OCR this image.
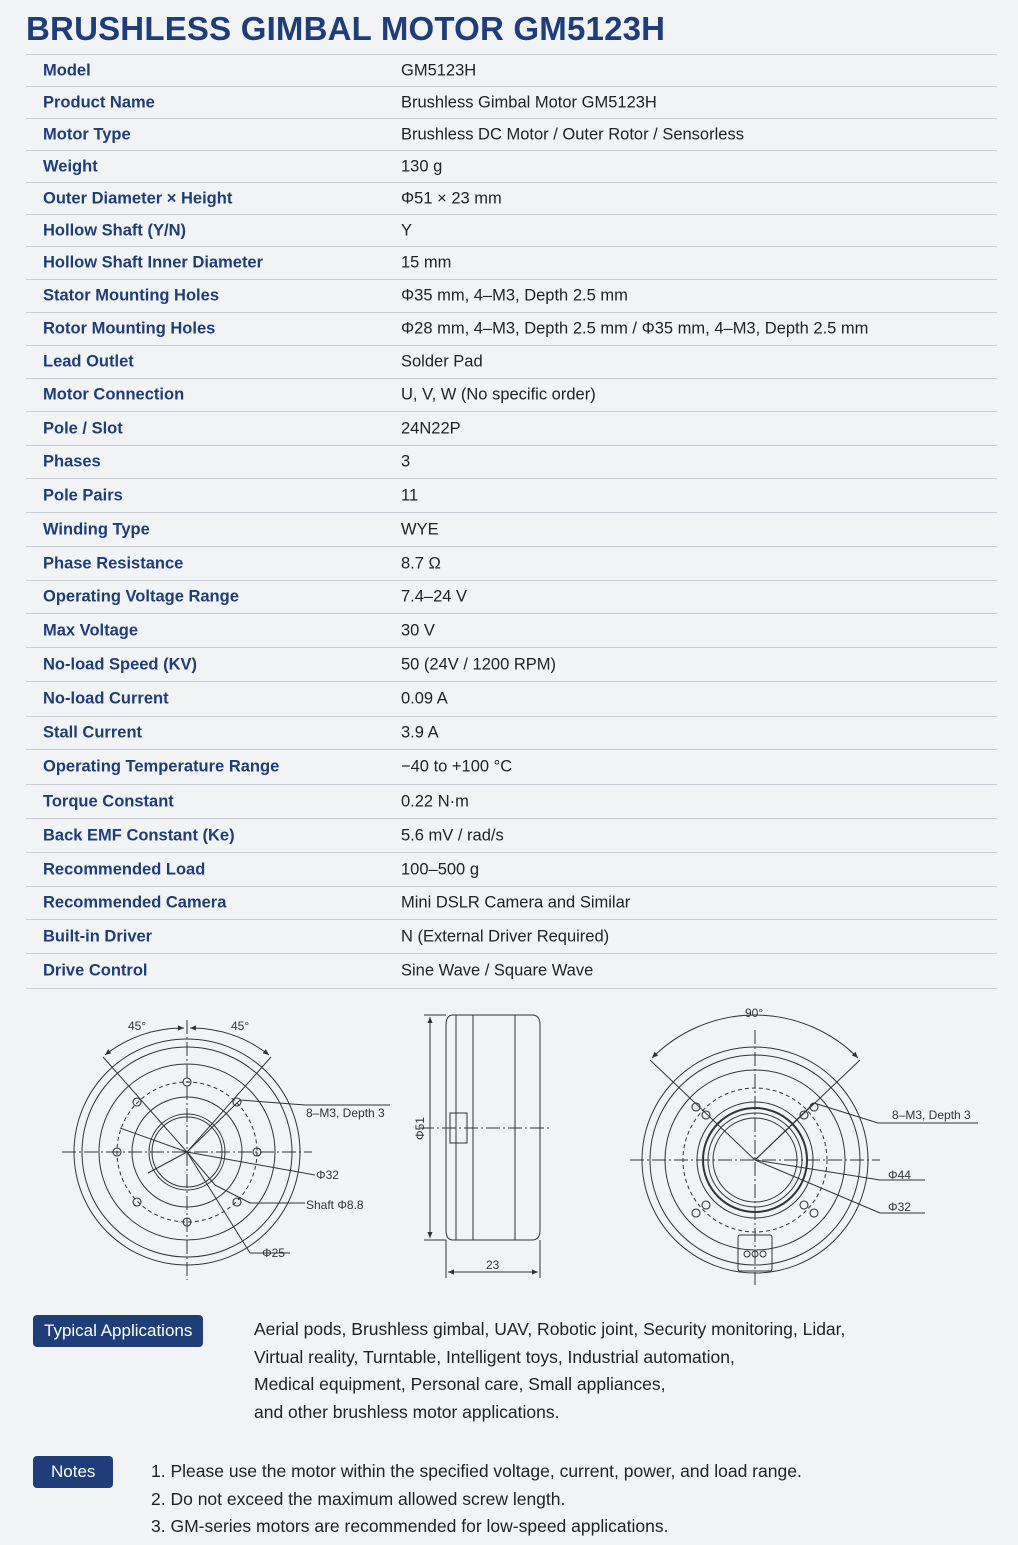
BRUSHLESS GIMBAL MOTOR GM5123H
Model	GM5123H
Product Name	Brushless Gimbal Motor GM5123H
Motor Type	Brushless DC Motor / Outer Rotor / Sensorless
Weight	130 g
Outer Diameter × Height	Φ51 × 23 mm
Hollow Shaft (Y/N)	Y
Hollow Shaft Inner Diameter	15 mm
Stator Mounting Holes	Φ35 mm, 4–M3, Depth 2.5 mm
Rotor Mounting Holes	Φ28 mm, 4–M3, Depth 2.5 mm / Φ35 mm, 4–M3, Depth 2.5 mm
Lead Outlet	Solder Pad
Motor Connection	U, V, W (No specific order)
Pole / Slot	24N22P
Phases	3
Pole Pairs	11
Winding Type	WYE
Phase Resistance	8.7 Ω
Operating Voltage Range	7.4–24 V
Max Voltage	30 V
No-load Speed (KV)	50 (24V / 1200 RPM)
No-load Current	0.09 A
Stall Current	3.9 A
Operating Temperature Range	−40 to +100 °C
Torque Constant	0.22 N·m
Back EMF Constant (Ke)	5.6 mV / rad/s
Recommended Load	100–500 g
Recommended Camera	Mini DSLR Camera and Similar
Built-in Driver	N (External Driver Required)
Drive Control	Sine Wave / Square Wave
45°	45°
8–M3, Depth 3
Φ32
Shaft Φ8.8
Φ25
Φ51
23
90°
8–M3, Depth 3
Φ44
Φ32
Typical Applications	Aerial pods, Brushless gimbal, UAV, Robotic joint, Security monitoring, Lidar,
Virtual reality, Turntable, Intelligent toys, Industrial automation,
Medical equipment, Personal care, Small appliances,
and other brushless motor applications.
Notes	1. Please use the motor within the specified voltage, current, power, and load range.
2. Do not exceed the maximum allowed screw length.
3. GM-series motors are recommended for low-speed applications.
